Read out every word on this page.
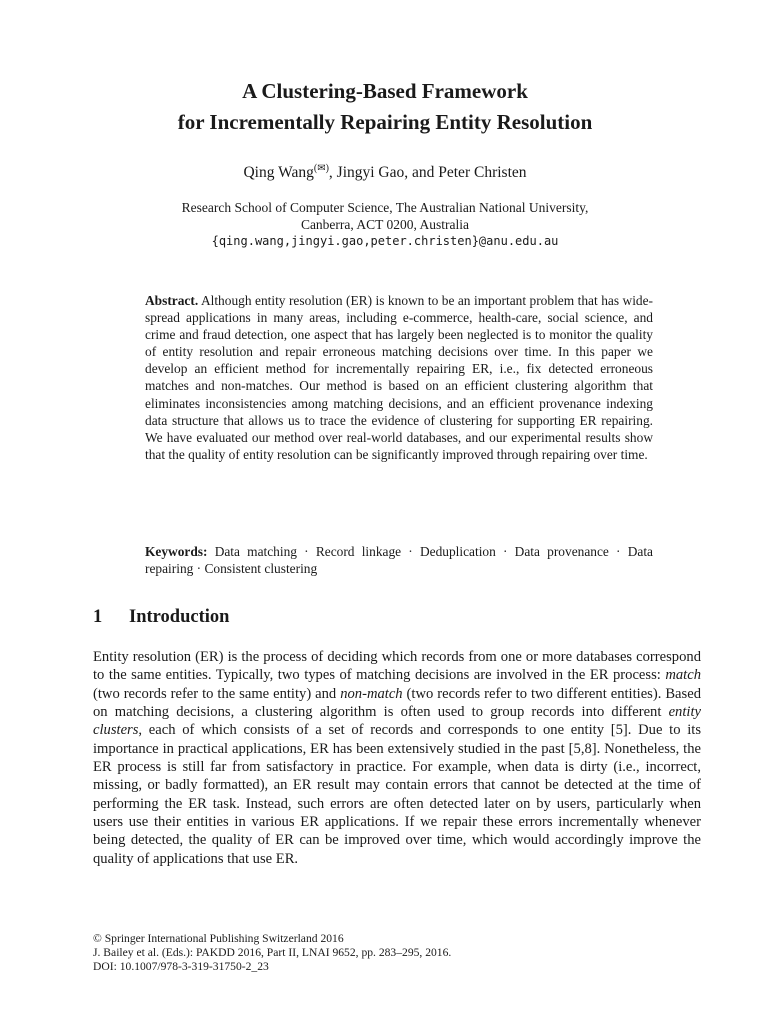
A Clustering-Based Framework
for Incrementally Repairing Entity Resolution
Qing Wang(✉), Jingyi Gao, and Peter Christen
Research School of Computer Science, The Australian National University,
Canberra, ACT 0200, Australia
{qing.wang,jingyi.gao,peter.christen}@anu.edu.au
Abstract. Although entity resolution (ER) is known to be an important problem that has wide-spread applications in many areas, including e-commerce, health-care, social science, and crime and fraud detection, one aspect that has largely been neglected is to monitor the quality of entity resolution and repair erroneous matching decisions over time. In this paper we develop an efficient method for incrementally repairing ER, i.e., fix detected erroneous matches and non-matches. Our method is based on an efficient clustering algorithm that eliminates inconsistencies among matching decisions, and an efficient provenance indexing data structure that allows us to trace the evidence of clustering for supporting ER repairing. We have evaluated our method over real-world databases, and our experimental results show that the quality of entity resolution can be significantly improved through repairing over time.
Keywords: Data matching · Record linkage · Deduplication · Data provenance · Data repairing · Consistent clustering
1 Introduction
Entity resolution (ER) is the process of deciding which records from one or more databases correspond to the same entities. Typically, two types of matching decisions are involved in the ER process: match (two records refer to the same entity) and non-match (two records refer to two different entities). Based on matching decisions, a clustering algorithm is often used to group records into different entity clusters, each of which consists of a set of records and corresponds to one entity [5]. Due to its importance in practical applications, ER has been extensively studied in the past [5,8]. Nonetheless, the ER process is still far from satisfactory in practice. For example, when data is dirty (i.e., incorrect, missing, or badly formatted), an ER result may contain errors that cannot be detected at the time of performing the ER task. Instead, such errors are often detected later on by users, particularly when users use their entities in various ER applications. If we repair these errors incrementally whenever being detected, the quality of ER can be improved over time, which would accordingly improve the quality of applications that use ER.
© Springer International Publishing Switzerland 2016
J. Bailey et al. (Eds.): PAKDD 2016, Part II, LNAI 9652, pp. 283–295, 2016.
DOI: 10.1007/978-3-319-31750-2_23
